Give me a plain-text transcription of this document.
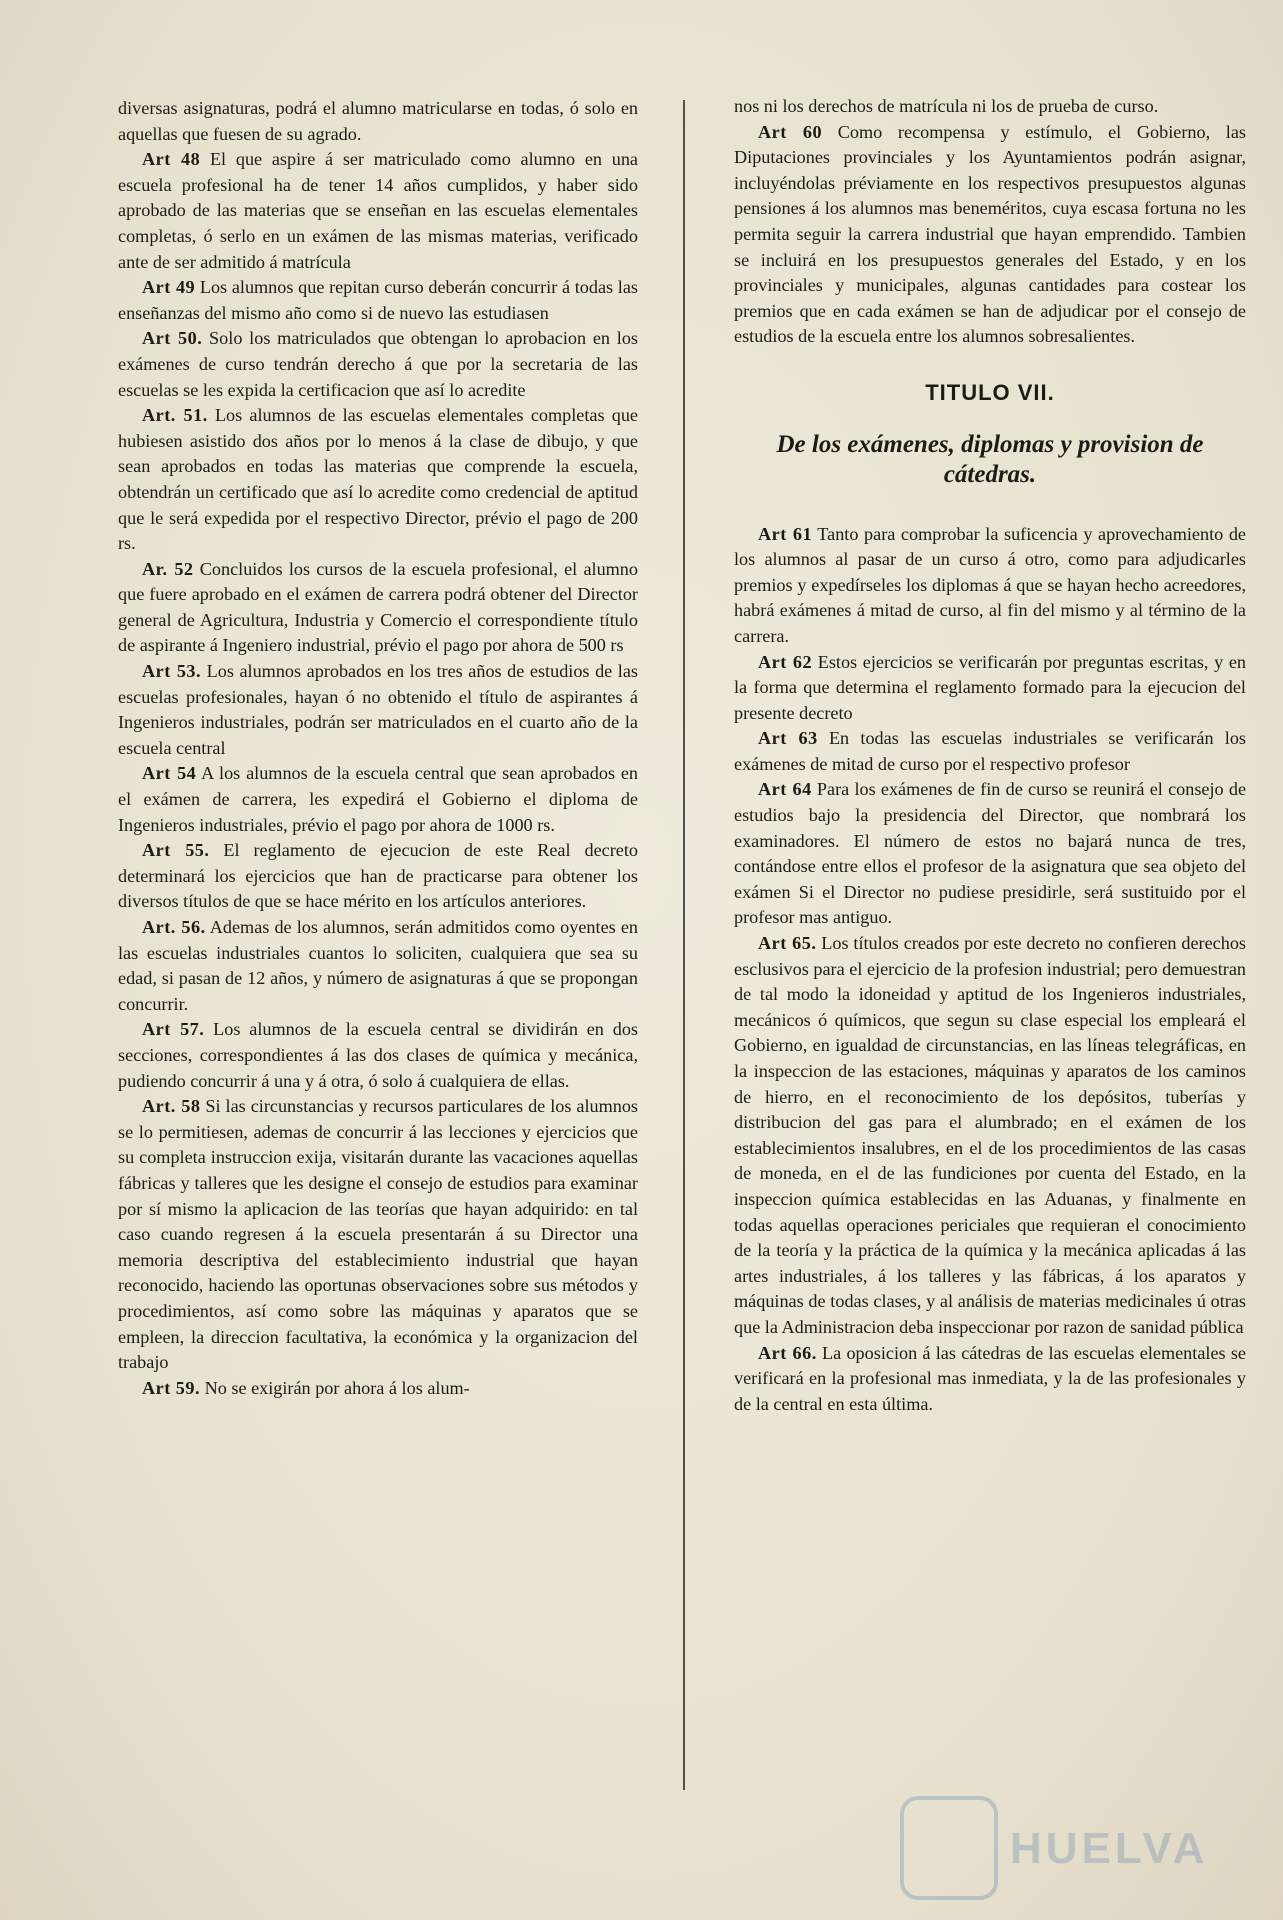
diversas asignaturas, podrá el alumno matricularse en todas, ó solo en aquellas que fuesen de su agrado.

Art 48 El que aspire á ser matriculado como alumno en una escuela profesional ha de tener 14 años cumplidos, y haber sido aprobado de las materias que se enseñan en las escuelas elementales completas, ó serlo en un exámen de las mismas materias, verificado ante de ser admitido á matrícula

Art 49 Los alumnos que repitan curso deberán concurrir á todas las enseñanzas del mismo año como si de nuevo las estudiasen

Art 50. Solo los matriculados que obtengan lo aprobacion en los exámenes de curso tendrán derecho á que por la secretaria de las escuelas se les expida la certificacion que así lo acredite

Art. 51. Los alumnos de las escuelas elementales completas que hubiesen asistido dos años por lo menos á la clase de dibujo, y que sean aprobados en todas las materias que comprende la escuela, obtendrán un certificado que así lo acredite como credencial de aptitud que le será expedida por el respectivo Director, prévio el pago de 200 rs.

Ar. 52 Concluidos los cursos de la escuela profesional, el alumno que fuere aprobado en el exámen de carrera podrá obtener del Director general de Agricultura, Industria y Comercio el correspondiente título de aspirante á Ingeniero industrial, prévio el pago por ahora de 500 rs

Art 53. Los alumnos aprobados en los tres años de estudios de las escuelas profesionales, hayan ó no obtenido el título de aspirantes á Ingenieros industriales, podrán ser matriculados en el cuarto año de la escuela central

Art 54 A los alumnos de la escuela central que sean aprobados en el exámen de carrera, les expedirá el Gobierno el diploma de Ingenieros industriales, prévio el pago por ahora de 1000 rs.

Art 55. El reglamento de ejecucion de este Real decreto determinará los ejercicios que han de practicarse para obtener los diversos títulos de que se hace mérito en los artículos anteriores.

Art. 56. Ademas de los alumnos, serán admitidos como oyentes en las escuelas industriales cuantos lo soliciten, cualquiera que sea su edad, si pasan de 12 años, y número de asignaturas á que se propongan concurrir.

Art 57. Los alumnos de la escuela central se dividirán en dos secciones, correspondientes á las dos clases de química y mecánica, pudiendo concurrir á una y á otra, ó solo á cualquiera de ellas.

Art. 58 Si las circunstancias y recursos particulares de los alumnos se lo permitiesen, ademas de concurrir á las lecciones y ejercicios que su completa instruccion exija, visitarán durante las vacaciones aquellas fábricas y talleres que les designe el consejo de estudios para examinar por sí mismo la aplicacion de las teorías que hayan adquirido: en tal caso cuando regresen á la escuela presentarán á su Director una memoria descriptiva del establecimiento industrial que hayan reconocido, haciendo las oportunas observaciones sobre sus métodos y procedimientos, así como sobre las máquinas y aparatos que se empleen, la direccion facultativa, la económica y la organizacion del trabajo

Art 59. No se exigirán por ahora á los alum-

nos ni los derechos de matrícula ni los de prueba de curso.

Art 60 Como recompensa y estímulo, el Gobierno, las Diputaciones provinciales y los Ayuntamientos podrán asignar, incluyéndolas préviamente en los respectivos presupuestos algunas pensiones á los alumnos mas beneméritos, cuya escasa fortuna no les permita seguir la carrera industrial que hayan emprendido. Tambien se incluirá en los presupuestos generales del Estado, y en los provinciales y municipales, algunas cantidades para costear los premios que en cada exámen se han de adjudicar por el consejo de estudios de la escuela entre los alumnos sobresalientes.

TITULO VII.
De los exámenes, diplomas y provision de cátedras.

Art 61 Tanto para comprobar la suficencia y aprovechamiento de los alumnos al pasar de un curso á otro, como para adjudicarles premios y expedírseles los diplomas á que se hayan hecho acreedores, habrá exámenes á mitad de curso, al fin del mismo y al término de la carrera.

Art 62 Estos ejercicios se verificarán por preguntas escritas, y en la forma que determina el reglamento formado para la ejecucion del presente decreto

Art 63 En todas las escuelas industriales se verificarán los exámenes de mitad de curso por el respectivo profesor

Art 64 Para los exámenes de fin de curso se reunirá el consejo de estudios bajo la presidencia del Director, que nombrará los examinadores. El número de estos no bajará nunca de tres, contándose entre ellos el profesor de la asignatura que sea objeto del exámen Si el Director no pudiese presidirle, será sustituido por el profesor mas antiguo.

Art 65. Los títulos creados por este decreto no confieren derechos esclusivos para el ejercicio de la profesion industrial; pero demuestran de tal modo la idoneidad y aptitud de los Ingenieros industriales, mecánicos ó químicos, que segun su clase especial los empleará el Gobierno, en igualdad de circunstancias, en las líneas telegráficas, en la inspeccion de las estaciones, máquinas y aparatos de los caminos de hierro, en el reconocimiento de los depósitos, tuberías y distribucion del gas para el alumbrado; en el exámen de los establecimientos insalubres, en el de los procedimientos de las casas de moneda, en el de las fundiciones por cuenta del Estado, en la inspeccion química establecidas en las Aduanas, y finalmente en todas aquellas operaciones periciales que requieran el conocimiento de la teoría y la práctica de la química y la mecánica aplicadas á las artes industriales, á los talleres y las fábricas, á los aparatos y máquinas de todas clases, y al análisis de materias medicinales ú otras que la Administracion deba inspeccionar por razon de sanidad pública

Art 66. La oposicion á las cátedras de las escuelas elementales se verificará en la profesional mas inmediata, y la de las profesionales y de la central en esta última.

HUELVA
